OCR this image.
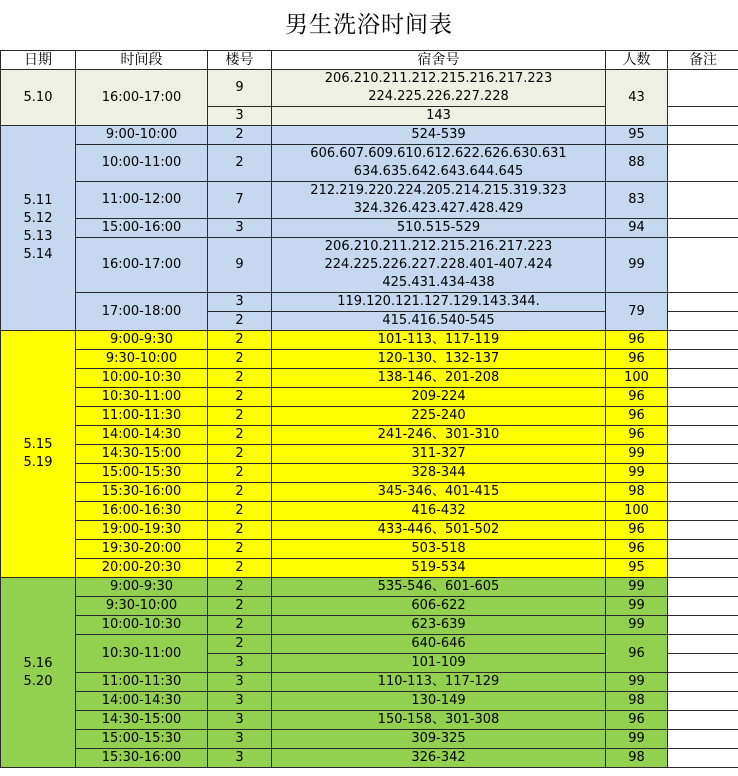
男生洗浴时间表
日期	时间段	楼号	宿舍号	人数	备注

5.10	16:00-17:00	9	206.210.211.212.215.216.217.223
224.225.226.227.228	43	

		3	143		

5.11
5.12
5.13
5.14	9:00-10:00	2	524-539	95	
	10:00-11:00	2	606.607.609.610.612.622.626.630.631
634.635.642.643.644.645	88	

	11:00-12:00	7	212.219.220.224.205.214.215.319.323
324.326.423.427.428.429	83	

	15:00-16:00	3	510.515-529	94	
	16:00-17:00	9	206.210.211.212.215.216.217.223
224.225.226.227.228.401-407.424
425.431.434-438	99	

	17:00-18:00	3	119.120.121.127.129.143.344.	79	
		2	415.416.540-545		

5.15
5.19	9:00-9:30	2	101-113、117-119	96	
	9:30-10:00	2	120-130、132-137	96	
	10:00-10:30	2	138-146、201-208	100	
	10:30-11:00	2	209-224	96	
	11:00-11:30	2	225-240	96	
	14:00-14:30	2	241-246、301-310	96	
	14:30-15:00	2	311-327	99	
	15:00-15:30	2	328-344	99	
	15:30-16:00	2	345-346、401-415	98	
	16:00-16:30	2	416-432	100	
	19:00-19:30	2	433-446、501-502	96	
	19:30-20:00	2	503-518	96	
	20:00-20:30	2	519-534	95	

5.16
5.20	9:00-9:30	2	535-546、601-605	99	
	9:30-10:00	2	606-622	99	
	10:00-10:30	2	623-639	99	
	10:30-11:00	2	640-646	96	
		3	101-109		

	11:00-11:30	3	110-113、117-129	99	
	14:00-14:30	3	130-149	98	
	14:30-15:00	3	150-158、301-308	96	
	15:00-15:30	3	309-325	99	
	15:30-16:00	3	326-342	98	
